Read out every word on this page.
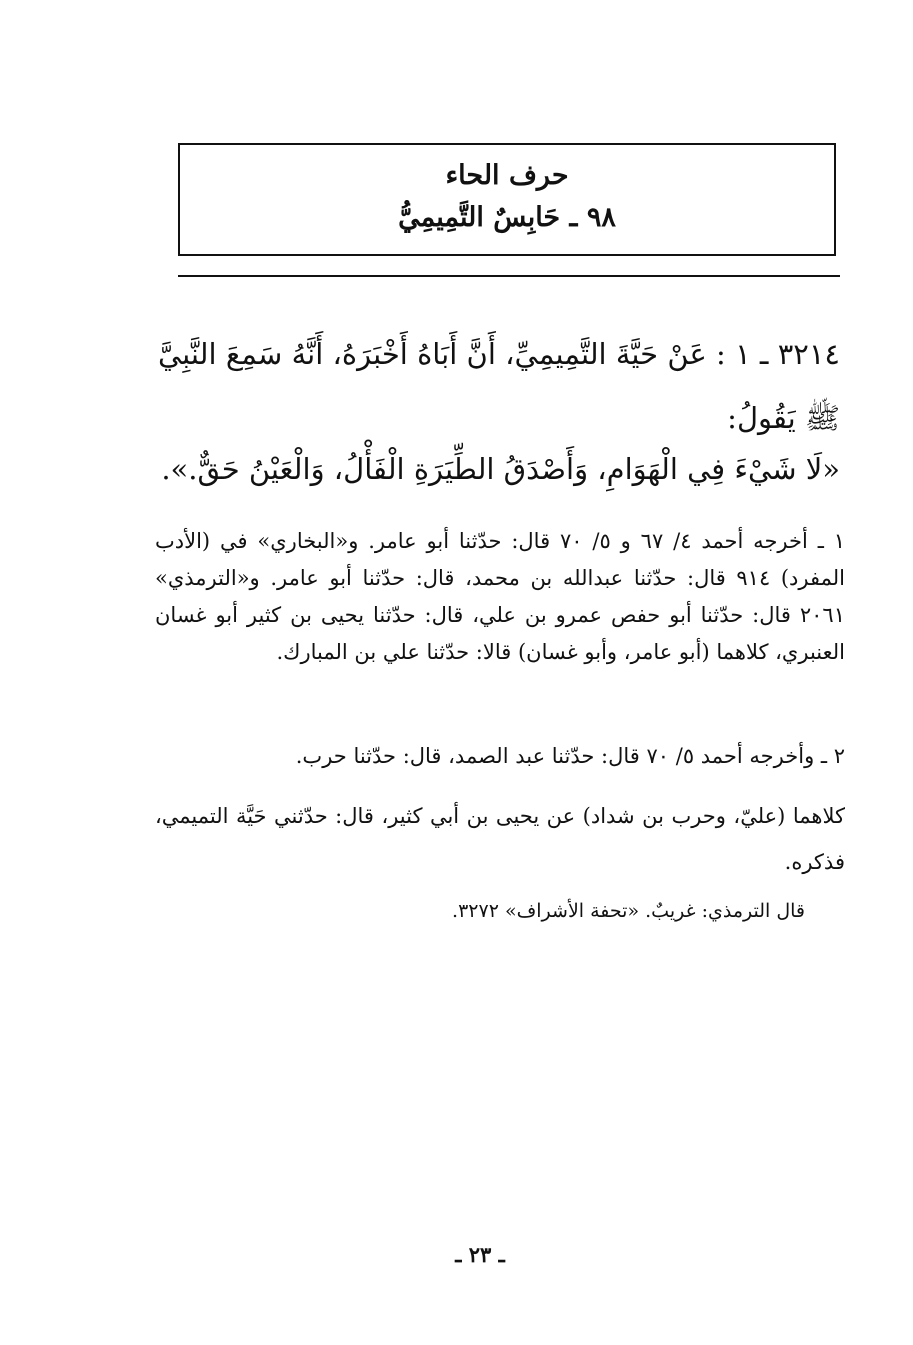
حرف الحاء
٩٨ ـ حَابِسٌ التَّمِيمِيُّ
٣٢١٤ ـ ١ : عَنْ حَيَّةَ التَّمِيمِيِّ، أَنَّ أَبَاهُ أَخْبَرَهُ، أَنَّهُ سَمِعَ النَّبِيَّ ﷺ يَقُولُ:
«لَا شَيْءَ فِي الْهَوَامِ، وَأَصْدَقُ الطِّيَرَةِ الْفَأْلُ، وَالْعَيْنُ حَقٌّ.».
١ ـ أخرجه أحمد ٤/ ٦٧ و ٥/ ٧٠ قال: حدّثنا أبو عامر. و«البخاري» في (الأدب المفرد) ٩١٤ قال: حدّثنا عبدالله بن محمد، قال: حدّثنا أبو عامر. و«الترمذي» ٢٠٦١ قال: حدّثنا أبو حفص عمرو بن علي، قال: حدّثنا يحيى بن كثير أبو غسان العنبري، كلاهما (أبو عامر، وأبو غسان) قالا: حدّثنا علي بن المبارك.
٢ ـ وأخرجه أحمد ٥/ ٧٠ قال: حدّثنا عبد الصمد، قال: حدّثنا حرب.
كلاهما (عليّ، وحرب بن شداد) عن يحيى بن أبي كثير، قال: حدّثني حَيَّة التميمي، فذكره.
قال الترمذي: غريبٌ. «تحفة الأشراف» ٣٢٧٢.
ـ ٢٣ ـ
